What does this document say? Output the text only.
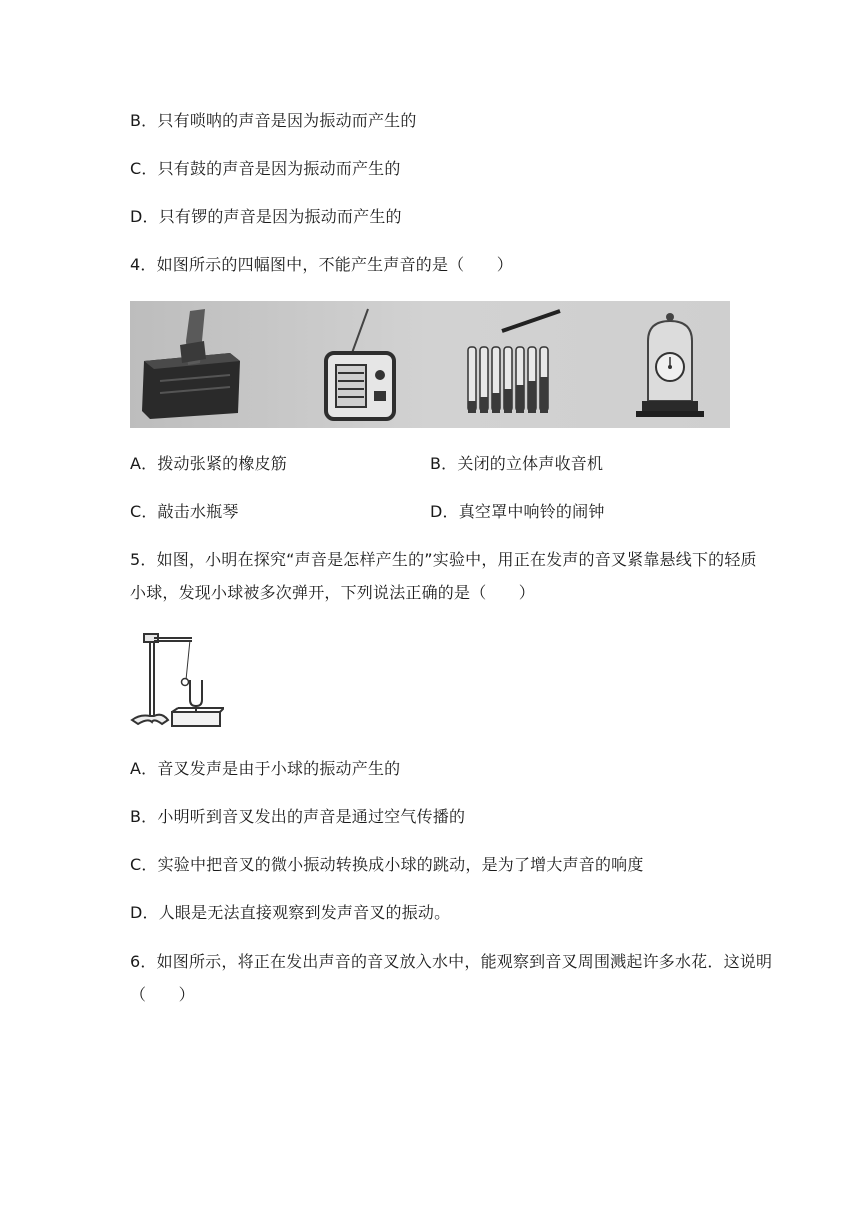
B．只有唢呐的声音是因为振动而产生的
C．只有鼓的声音是因为振动而产生的
D．只有锣的声音是因为振动而产生的
4．如图所示的四幅图中，不能产生声音的是（　　）
A．拨动张紧的橡皮筋	B．关闭的立体声收音机
C．敲击水瓶琴	D．真空罩中响铃的闹钟
5．如图，小明在探究“声音是怎样产生的”实验中，用正在发声的音叉紧靠悬线下的轻质
小球，发现小球被多次弹开，下列说法正确的是（　　）
A．音叉发声是由于小球的振动产生的
B．小明听到音叉发出的声音是通过空气传播的
C．实验中把音叉的微小振动转换成小球的跳动，是为了增大声音的响度
D．人眼是无法直接观察到发声音叉的振动。
6．如图所示，将正在发出声音的音叉放入水中，能观察到音叉周围溅起许多水花．这说明
（　　）
